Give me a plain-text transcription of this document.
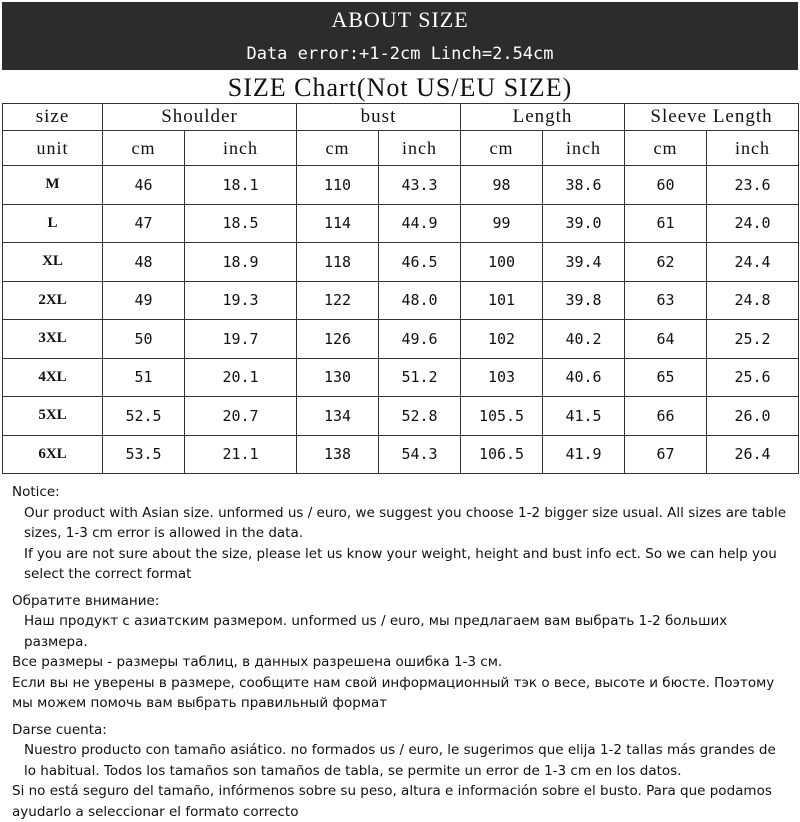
ABOUT SIZE
Data error:+1-2cm Linch=2.54cm
SIZE Chart(Not US/EU SIZE)
size	Shoulder		bust		Length		Sleeve Length	
unit	cm	inch	cm	inch	cm	inch	cm	inch
M	46	18.1	110	43.3	98	38.6	60	23.6
L	47	18.5	114	44.9	99	39.0	61	24.0
XL	48	18.9	118	46.5	100	39.4	62	24.4
2XL	49	19.3	122	48.0	101	39.8	63	24.8
3XL	50	19.7	126	49.6	102	40.2	64	25.2
4XL	51	20.1	130	51.2	103	40.6	65	25.6
5XL	52.5	20.7	134	52.8	105.5	41.5	66	26.0
6XL	53.5	21.1	138	54.3	106.5	41.9	67	26.4

Notice:

Our product with Asian size. unformed us / euro, we suggest you choose 1-2 bigger size usual. All sizes are table sizes, 1-3 cm error is allowed in the data.

If you are not sure about the size, please let us know your weight, height and bust info ect. So we can help you select the correct format

Обратите внимание:

Наш продукт с азиатским размером. unformed us / euro, мы предлагаем вам выбрать 1-2 больших размера.

Все размеры - размеры таблиц, в данных разрешена ошибка 1-3 см.

Если вы не уверены в размере, сообщите нам свой информационный тэк о весе, высоте и бюсте. Поэтому мы можем помочь вам выбрать правильный формат

Darse cuenta:

Nuestro producto con tamaño asiático. no formados us / euro, le sugerimos que elija 1-2 tallas más grandes de lo habitual. Todos los tamaños son tamaños de tabla, se permite un error de 1-3 cm en los datos.

Si no está seguro del tamaño, infórmenos sobre su peso, altura e información sobre el busto. Para que podamos ayudarlo a seleccionar el formato correcto
